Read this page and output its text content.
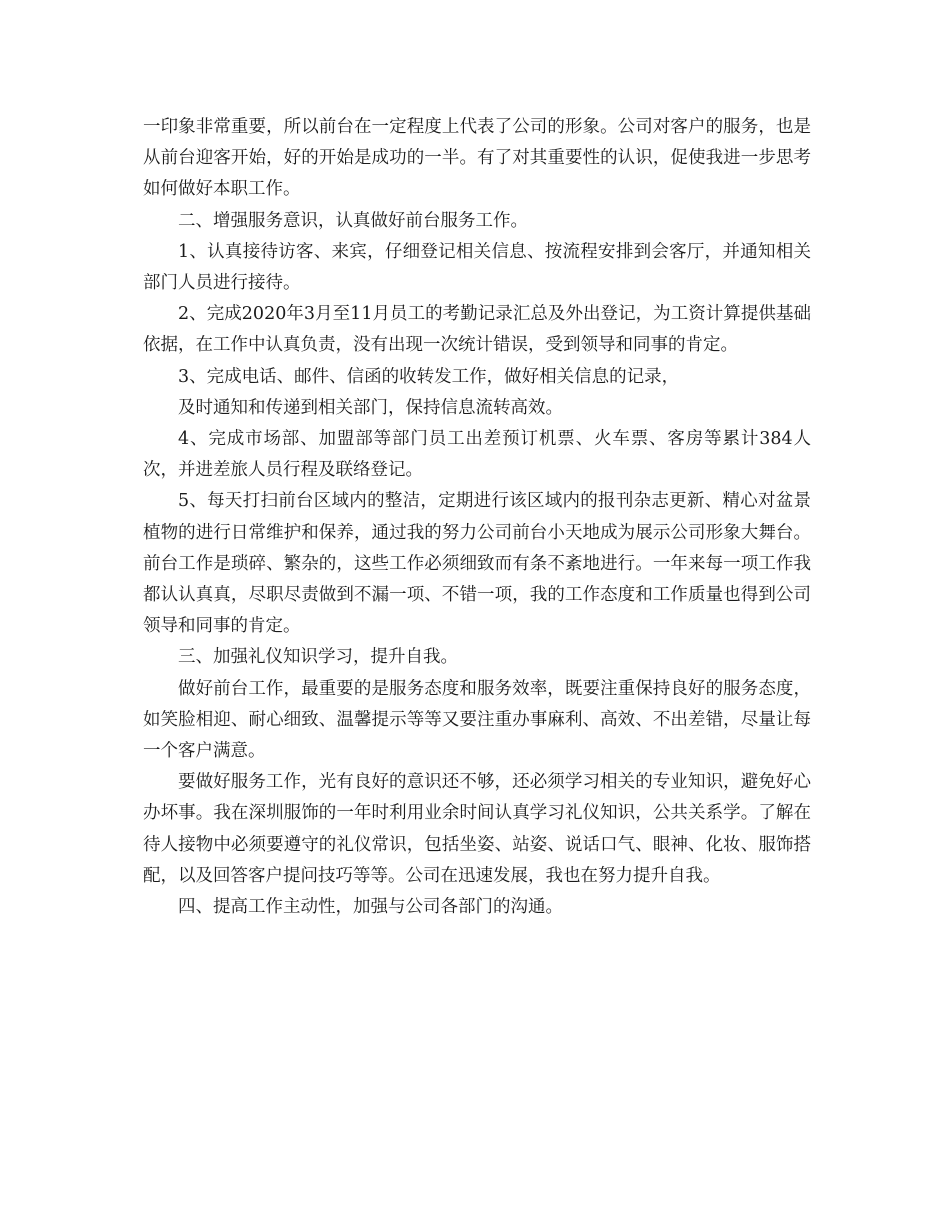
一印象非常重要，所以前台在一定程度上代表了公司的形象。公司对客户的服务，也是从前台迎客开始，好的开始是成功的一半。有了对其重要性的认识，促使我进一步思考如何做好本职工作。

二、增强服务意识，认真做好前台服务工作。

1、认真接待访客、来宾，仔细登记相关信息、按流程安排到会客厅，并通知相关部门人员进行接待。

2、完成2020年3月至11月员工的考勤记录汇总及外出登记，为工资计算提供基础依据，在工作中认真负责，没有出现一次统计错误，受到领导和同事的肯定。

3、完成电话、邮件、信函的收转发工作，做好相关信息的记录，

及时通知和传递到相关部门，保持信息流转高效。

4、完成市场部、加盟部等部门员工出差预订机票、火车票、客房等累计384人次，并进差旅人员行程及联络登记。

5、每天打扫前台区域内的整洁，定期进行该区域内的报刊杂志更新、精心对盆景植物的进行日常维护和保养，通过我的努力公司前台小天地成为展示公司形象大舞台。 前台工作是琐碎、繁杂的，这些工作必须细致而有条不紊地进行。一年来每一项工作我都认认真真，尽职尽责做到不漏一项、不错一项，我的工作态度和工作质量也得到公司领导和同事的肯定。

三、加强礼仪知识学习，提升自我。

做好前台工作，最重要的是服务态度和服务效率，既要注重保持良好的服务态度，如笑脸相迎、耐心细致、温馨提示等等又要注重办事麻利、高效、不出差错，尽量让每一个客户满意。

要做好服务工作，光有良好的意识还不够，还必须学习相关的专业知识，避免好心办坏事。我在深圳服饰的一年时利用业余时间认真学习礼仪知识，公共关系学。了解在待人接物中必须要遵守的礼仪常识，包括坐姿、站姿、说话口气、眼神、化妆、服饰搭配，以及回答客户提问技巧等等。公司在迅速发展，我也在努力提升自我。

四、提高工作主动性，加强与公司各部门的沟通。
